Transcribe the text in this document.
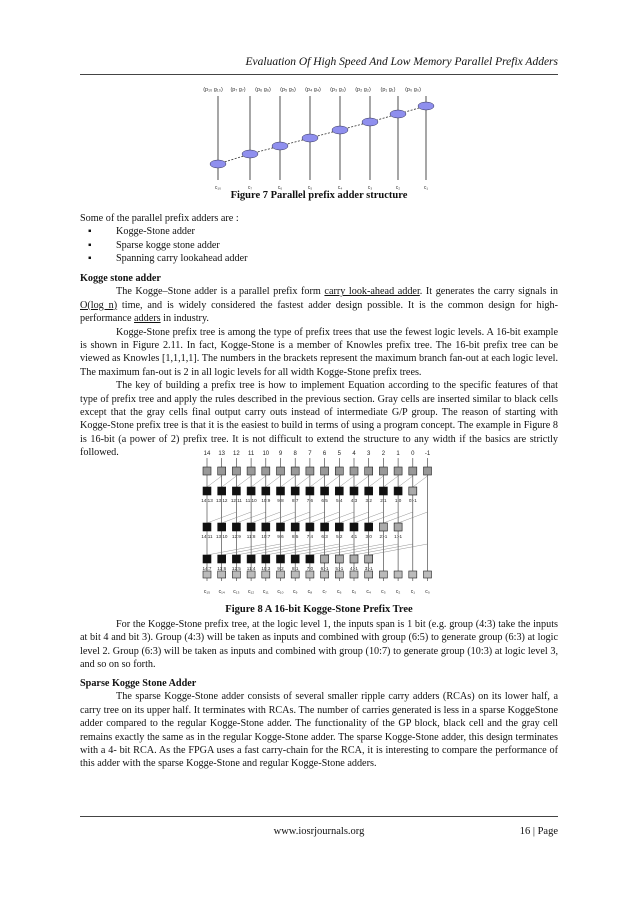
Evaluation Of High Speed And Low Memory Parallel Prefix Adders
(p₁₀ g₁₀) (p₇ g₇) (p₆ g₆) (p₅ g₅) (p₄ g₄) (p₃ g₃) (p₂ g₂) (p₁ g₁) (p₀ g₀)
c₁₀	c₇	c₆	c₅	c₄	c₃	c₂	c₁
Figure 7 Parallel prefix adder structure

Some of the parallel prefix adders are :

▪ Kogge-Stone adder
▪ Sparse kogge stone adder
▪ Spanning carry lookahead adder

Kogge stone adder

The Kogge–Stone adder is a parallel prefix form carry look-ahead adder. It generates the carry signals in O(log n) time, and is widely considered the fastest adder design possible. It is the common design for high-performance adders in industry.

Kogge-Stone prefix tree is among the type of prefix trees that use the fewest logic levels. A 16-bit example is shown in Figure 2.11. In fact, Kogge-Stone is a member of Knowles prefix tree. The 16-bit prefix tree can be viewed as Knowles [1,1,1,1]. The numbers in the brackets represent the maximum branch fan-out at each logic level. The maximum fan-out is 2 in all logic levels for all width Kogge-Stone prefix trees.

The key of building a prefix tree is how to implement Equation according to the specific features of that type of prefix tree and apply the rules described in the previous section. Gray cells are inserted similar to black cells except that the gray cells final output carry outs instead of intermediate G/P group. The reason of starting with Kogge-Stone prefix tree is that it is the easiest to build in terms of using a program concept. The example in Figure 8 is 16-bit (a power of 2) prefix tree. It is not difficult to extend the structure to any width if the basics are strictly followed.	14 13 12 11 10 9 8 7 6 5 4 3 2 1 0 -1
14:13 13:12 12:11 11:10 10:9 9:8 8:7 7:6 6:5 5:4 4:3 3:2 2:1 1:0 0:-1
14:11 13:10 12:9 11:8 10:7 9:6 8:5 7:4 6:3 5:2 4:1 3:0 2:-1 1:-1
14:7 13:6 12:5 11:4 10:3 9:2 8:1 7:0 6:-1 5:-1 4:-1 3:-1
c₁₅ c₁₄ c₁₃ c₁₂ c₁₁ c₁₀ c₉ c₈ c₇ c₆ c₅ c₄ c₃ c₂ c₁ c₀
Figure 8 A 16-bit Kogge-Stone Prefix Tree

For the Kogge-Stone prefix tree, at the logic level 1, the inputs span is 1 bit (e.g. group (4:3) take the inputs at bit 4 and bit 3). Group (4:3) will be taken as inputs and combined with group (6:5) to generate group (6:3) at logic level 2. Group (6:3) will be taken as inputs and combined with group (10:7) to generate group (10:3) at logic level 3, and so on so forth.

Sparse Kogge Stone Adder

The sparse Kogge-Stone adder consists of several smaller ripple carry adders (RCAs) on its lower half, a carry tree on its upper half. It terminates with RCAs. The number of carries generated is less in a sparse KoggeStone adder compared to the regular Kogge-Stone adder. The functionality of the GP block, black cell and the gray cell remains exactly the same as in the regular Kogge-Stone adder. The sparse Kogge-Stone adder, this design terminates with a 4- bit RCA. As the FPGA uses a fast carry-chain for the RCA, it is interesting to compare the performance of this adder with the sparse Kogge-Stone and regular Kogge-Stone adders.

www.iosrjournals.org	16 | Page
